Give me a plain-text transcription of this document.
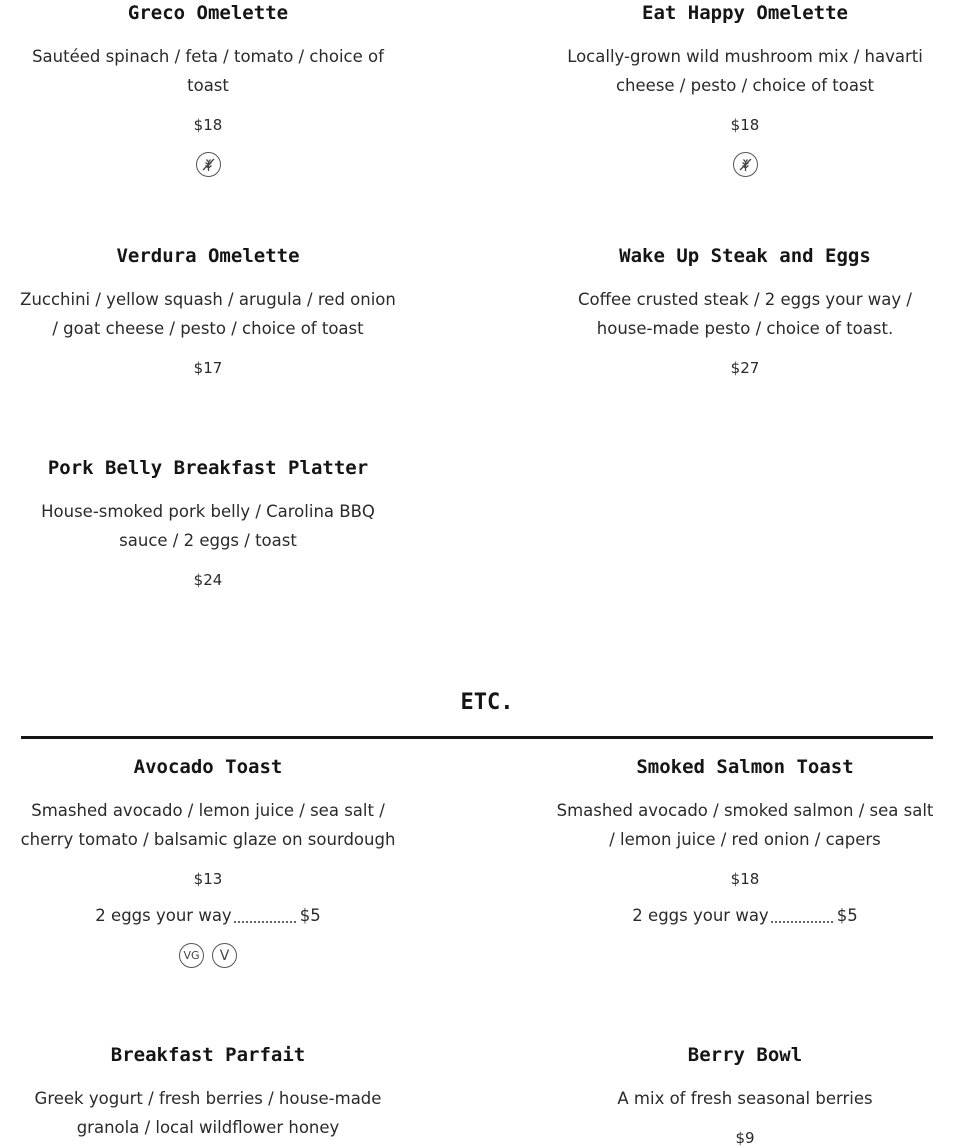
Greco Omelette
Sautéed spinach / feta / tomato / choice of toast
$18
Eat Happy Omelette
Locally-grown wild mushroom mix / havarti cheese / pesto / choice of toast
$18
Verdura Omelette
Zucchini / yellow squash / arugula / red onion / goat cheese / pesto / choice of toast
$17
Wake Up Steak and Eggs
Coffee crusted steak / 2 eggs your way / house-made pesto / choice of toast.
$27
Pork Belly Breakfast Platter
House-smoked pork belly / Carolina BBQ sauce / 2 eggs / toast
$24
ETC.
Avocado Toast
Smashed avocado / lemon juice / sea salt / cherry tomato / balsamic glaze on sourdough
$13
2 eggs your way	$5
VG	V
Smoked Salmon Toast
Smashed avocado / smoked salmon / sea salt / lemon juice / red onion / capers
$18
2 eggs your way	$5
Breakfast Parfait
Greek yogurt / fresh berries / house-made granola / local wildflower honey
Berry Bowl
A mix of fresh seasonal berries
$9
